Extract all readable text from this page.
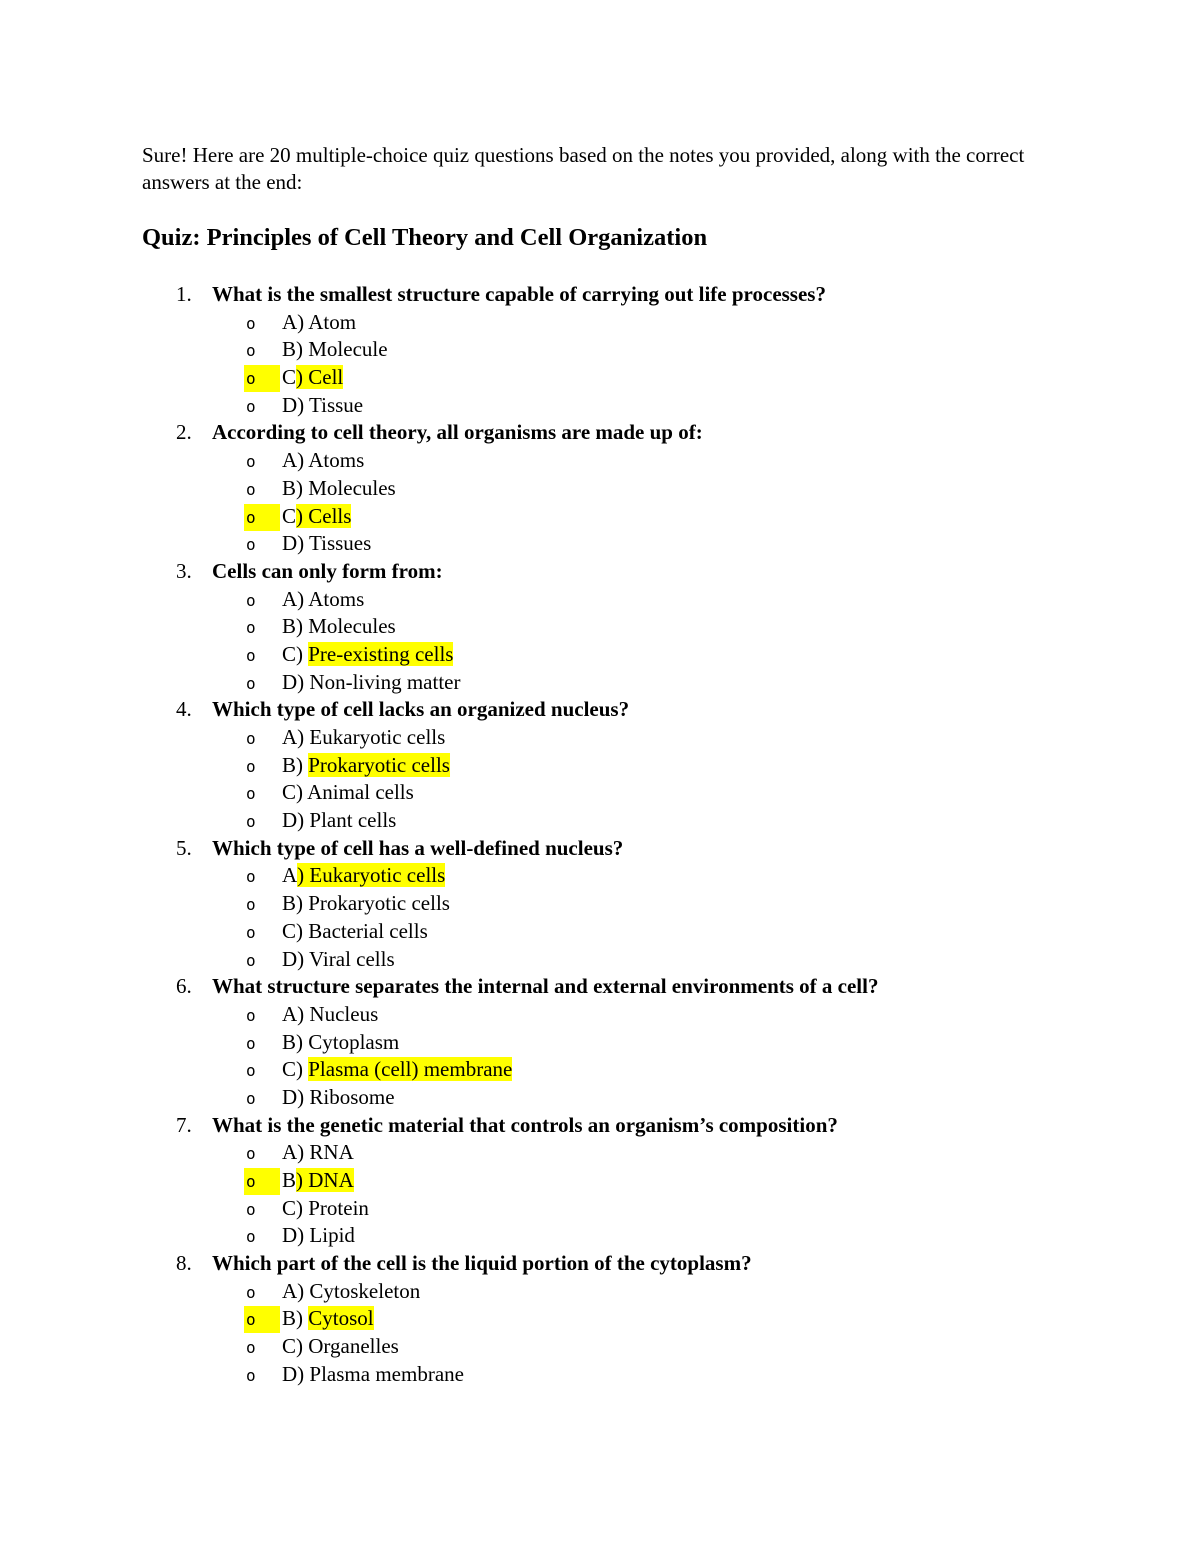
Sure! Here are 20 multiple-choice quiz questions based on the notes you provided, along with the correct answers at the end:

Quiz: Principles of Cell Theory and Cell Organization
1. What is the smallest structure capable of carrying out life processes?
o	A) Atom
o	B) Molecule
o	C) Cell
o	D) Tissue
2. According to cell theory, all organisms are made up of:
o	A) Atoms
o	B) Molecules
o	C) Cells
o	D) Tissues
3. Cells can only form from:
o	A) Atoms
o	B) Molecules
o	C) Pre-existing cells
o	D) Non-living matter
4. Which type of cell lacks an organized nucleus?
o	A) Eukaryotic cells
o	B) Prokaryotic cells
o	C) Animal cells
o	D) Plant cells
5. Which type of cell has a well-defined nucleus?
o	A) Eukaryotic cells
o	B) Prokaryotic cells
o	C) Bacterial cells
o	D) Viral cells
6. What structure separates the internal and external environments of a cell?
o	A) Nucleus
o	B) Cytoplasm
o	C) Plasma (cell) membrane
o	D) Ribosome
7. What is the genetic material that controls an organism’s composition?
o	A) RNA
o	B) DNA
o	C) Protein
o	D) Lipid
8. Which part of the cell is the liquid portion of the cytoplasm?
o	A) Cytoskeleton
o	B) Cytosol
o	C) Organelles
o	D) Plasma membrane
